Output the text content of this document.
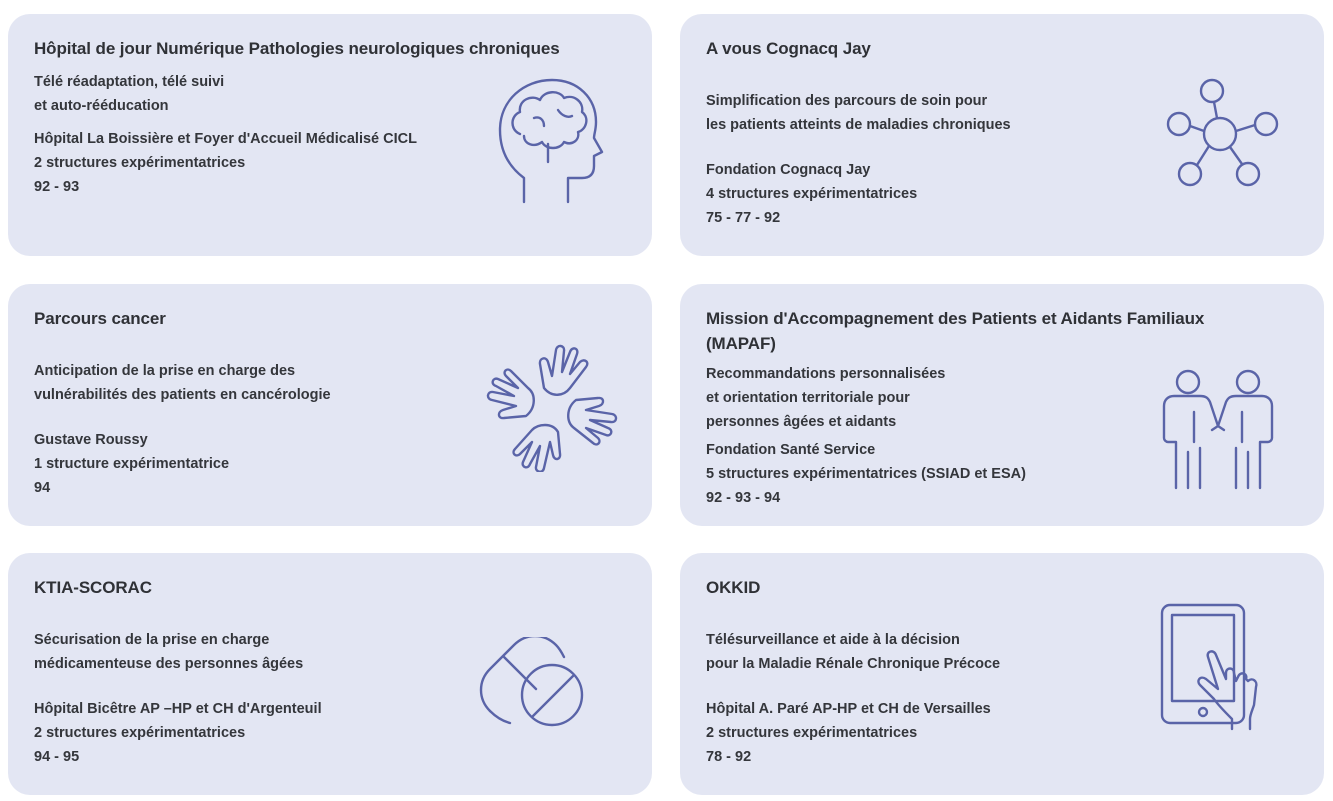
Hôpital de jour Numérique Pathologies neurologiques chroniques

Télé réadaptation, télé suivi
et auto-rééducation

Hôpital La Boissière et Foyer d'Accueil Médicalisé CICL
2 structures expérimentatrices
92 - 93

A vous Cognacq Jay

Simplification des parcours de soin pour
les patients atteints de maladies chroniques

Fondation Cognacq Jay
4 structures expérimentatrices
75 - 77 - 92

Parcours cancer

Anticipation de la prise en charge des
vulnérabilités des patients en cancérologie

Gustave Roussy
1 structure expérimentatrice
94

Mission d'Accompagnement des Patients et Aidants Familiaux
(MAPAF)

Recommandations personnalisées
et orientation territoriale pour
personnes âgées et aidants

Fondation Santé Service
5 structures expérimentatrices (SSIAD et ESA)
92 - 93 - 94

KTIA-SCORAC

Sécurisation de la prise en charge
médicamenteuse des personnes âgées

Hôpital Bicêtre AP –HP et CH d'Argenteuil
2 structures expérimentatrices
94 - 95

OKKID

Télésurveillance et aide à la décision
pour la Maladie Rénale Chronique Précoce

Hôpital A. Paré AP-HP et CH de Versailles
2 structures expérimentatrices
78 - 92
